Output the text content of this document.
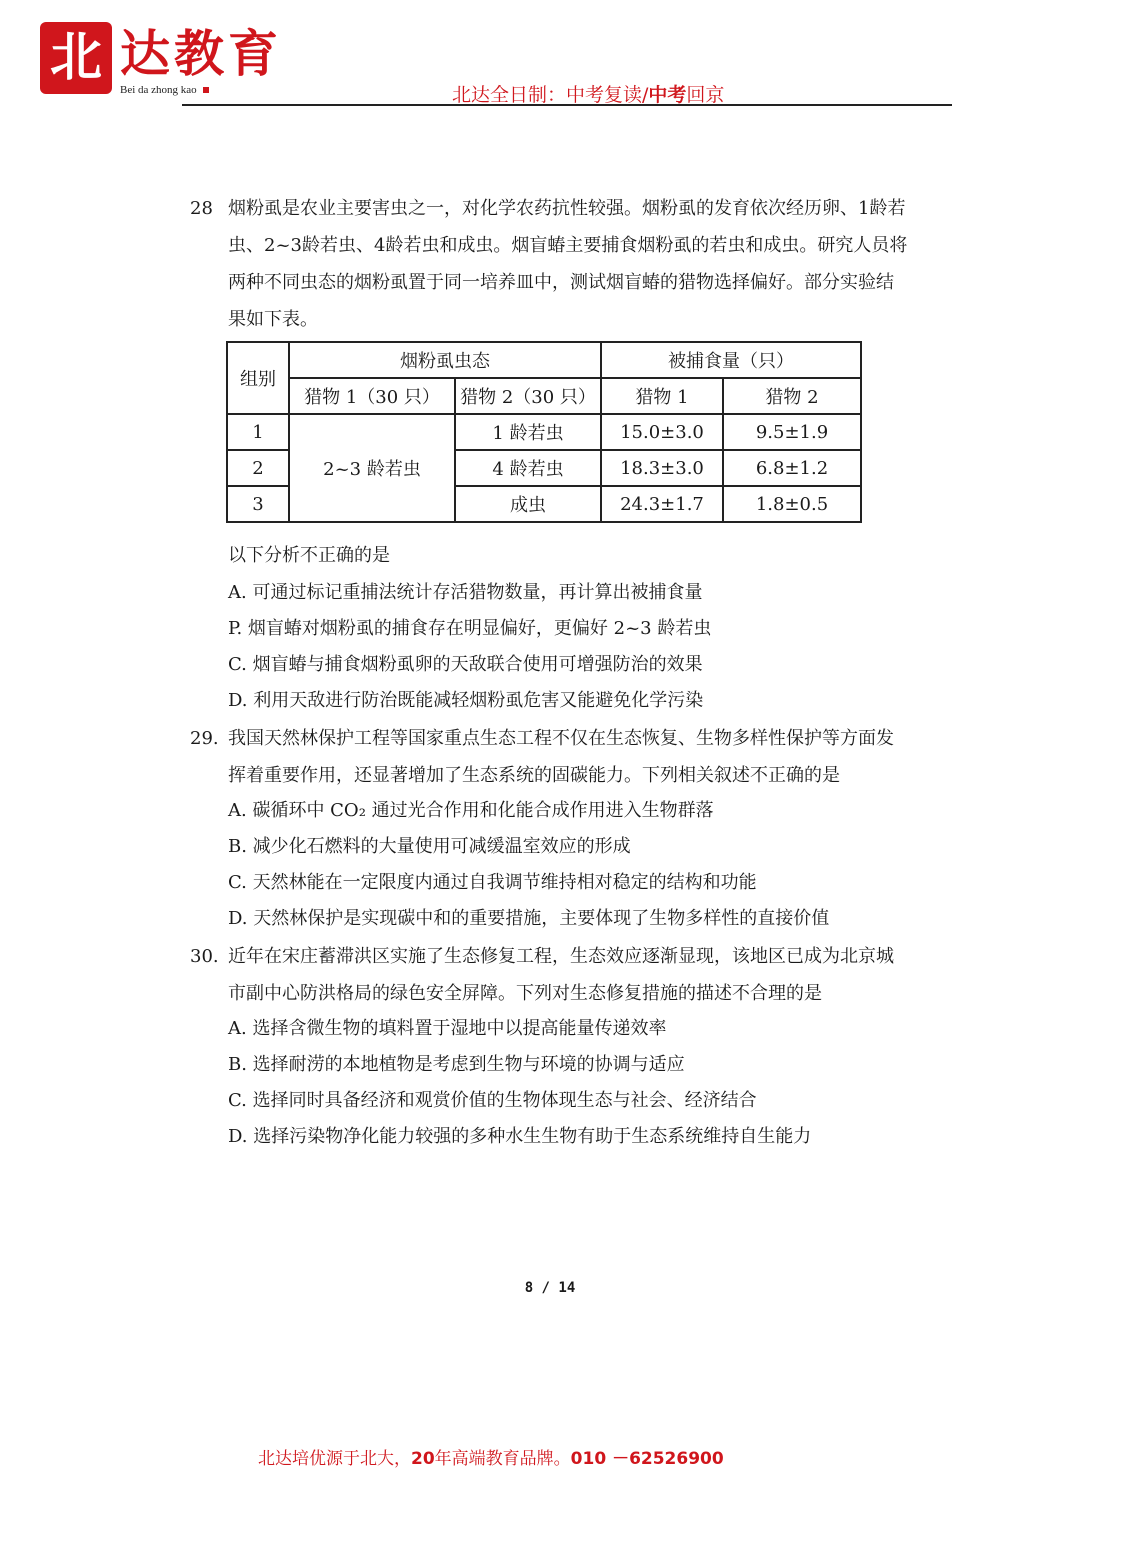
北 达教育
Bei da zhong kao	北达全日制：中考复读/中考回京
28 烟粉虱是农业主要害虫之一，对化学农药抗性较强。烟粉虱的发育依次经历卵、1龄若虫、2~3龄若虫、4龄若虫和成虫。烟盲蝽主要捕食烟粉虱的若虫和成虫。研究人员将两种不同虫态的烟粉虱置于同一培养皿中，测试烟盲蝽的猎物选择偏好。部分实验结果如下表。
组别	烟粉虱虫态		被捕食量（只）	
	猎物 1（30 只）	猎物 2（30 只）	猎物 1	猎物 2
1	2~3 龄若虫	1 龄若虫	15.0±3.0	9.5±1.9
2		4 龄若虫	18.3±3.0	6.8±1.2
3		成虫	24.3±1.7	1.8±0.5
以下分析不正确的是
A. 可通过标记重捕法统计存活猎物数量，再计算出被捕食量
P. 烟盲蝽对烟粉虱的捕食存在明显偏好，更偏好 2~3 龄若虫
C. 烟盲蝽与捕食烟粉虱卵的天敌联合使用可增强防治的效果
D. 利用天敌进行防治既能减轻烟粉虱危害又能避免化学污染
29. 我国天然林保护工程等国家重点生态工程不仅在生态恢复、生物多样性保护等方面发挥着重要作用，还显著增加了生态系统的固碳能力。下列相关叙述不正确的是
A. 碳循环中 CO₂ 通过光合作用和化能合成作用进入生物群落
B. 减少化石燃料的大量使用可减缓温室效应的形成
C. 天然林能在一定限度内通过自我调节维持相对稳定的结构和功能
D. 天然林保护是实现碳中和的重要措施，主要体现了生物多样性的直接价值
30. 近年在宋庄蓄滞洪区实施了生态修复工程，生态效应逐渐显现，该地区已成为北京城市副中心防洪格局的绿色安全屏障。下列对生态修复措施的描述不合理的是
A. 选择含微生物的填料置于湿地中以提高能量传递效率
B. 选择耐涝的本地植物是考虑到生物与环境的协调与适应
C. 选择同时具备经济和观赏价值的生物体现生态与社会、经济结合
D. 选择污染物净化能力较强的多种水生生物有助于生态系统维持自生能力
8 / 14
北达培优源于北大，20年高端教育品牌。010 －62526900
